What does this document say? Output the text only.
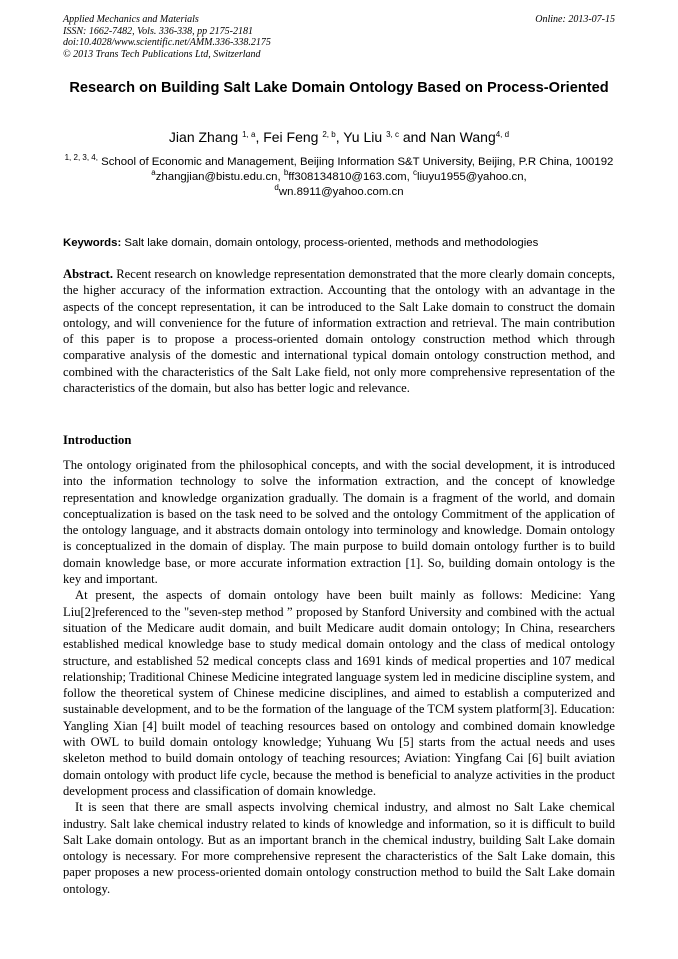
Applied Mechanics and Materials
ISSN: 1662-7482, Vols. 336-338, pp 2175-2181
doi:10.4028/www.scientific.net/AMM.336-338.2175
© 2013 Trans Tech Publications Ltd, Switzerland
Online: 2013-07-15
Research on Building Salt Lake Domain Ontology Based on Process-Oriented
Jian Zhang $^{1, a}$, Fei Feng $^{2, b}$, Yu Liu $^{3, c}$ and Nan Wang$^{4, d}$
$^{1, 2, 3, 4,}$ School of Economic and Management, Beijing Information S&T University, Beijing, P.R China, 100192
$^a$zhangjian@bistu.edu.cn, $^b$ff308134810@163.com, $^c$liuyu1955@yahoo.cn,
$^d$wn.8911@yahoo.com.cn
Keywords: Salt lake domain, domain ontology, process-oriented, methods and methodologies
Abstract. Recent research on knowledge representation demonstrated that the more clearly domain concepts, the higher accuracy of the information extraction. Accounting that the ontology with an advantage in the aspects of the concept representation, it can be introduced to the Salt Lake domain to construct the domain ontology, and will convenience for the future of information extraction and retrieval. The main contribution of this paper is to propose a process-oriented domain ontology construction method which through comparative analysis of the domestic and international typical domain ontology construction method, and combined with the characteristics of the Salt Lake field, not only more comprehensive representation of the characteristics of the domain, but also has better logic and relevance.
Introduction

The ontology originated from the philosophical concepts, and with the social development, it is introduced into the information technology to solve the information extraction, and the concept of knowledge representation and knowledge organization gradually. The domain is a fragment of the world, and domain conceptualization is based on the task need to be solved and the ontology Commitment of the application of the ontology language, and it abstracts domain ontology into terminology and knowledge. Domain ontology is conceptualized in the domain of display. The main purpose to build domain ontology further is to build domain knowledge base, or more accurate information extraction [1]. So, building domain ontology is the key and important.

At present, the aspects of domain ontology have been built mainly as follows: Medicine: Yang Liu[2]referenced to the "seven-step method ” proposed by Stanford University and combined with the actual situation of the Medicare audit domain, and built Medicare audit domain ontology; In China, researchers established medical knowledge base to study medical domain ontology and the class of medical ontology structure, and established 52 medical concepts class and 1691 kinds of medical properties and 107 medical relationship; Traditional Chinese Medicine integrated language system led in medicine discipline system, and follow the theoretical system of Chinese medicine disciplines, and aimed to establish a computerized and sustainable development, and to be the formation of the language of the TCM system platform[3]. Education: Yangling Xian [4] built model of teaching resources based on ontology and combined domain knowledge with OWL to build domain ontology knowledge; Yuhuang Wu [5] starts from the actual needs and uses skeleton method to build domain ontology of teaching resources; Aviation: Yingfang Cai [6] built aviation domain ontology with product life cycle, because the method is beneficial to analyze activities in the product development process and classification of domain knowledge.

It is seen that there are small aspects involving chemical industry, and almost no Salt Lake chemical industry. Salt lake chemical industry related to kinds of knowledge and information, so it is difficult to build Salt Lake domain ontology. But as an important branch in the chemical industry, building Salt Lake domain ontology is necessary. For more comprehensive represent the characteristics of the Salt Lake domain, this paper proposes a new process-oriented domain ontology construction method to build the Salt Lake domain ontology.
